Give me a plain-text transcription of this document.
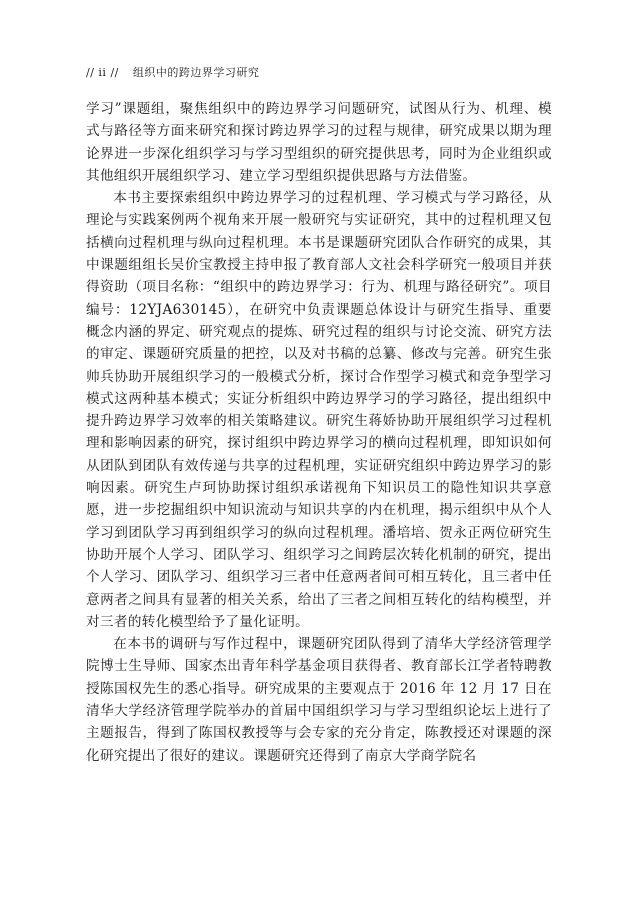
// ii // 组织中的跨边界学习研究

学习”课题组，聚焦组织中的跨边界学习问题研究，试图从行为、机理、模式与路径等方面来研究和探讨跨边界学习的过程与规律，研究成果以期为理论界进一步深化组织学习与学习型组织的研究提供思考，同时为企业组织或其他组织开展组织学习、建立学习型组织提供思路与方法借鉴。

本书主要探索组织中跨边界学习的过程机理、学习模式与学习路径，从理论与实践案例两个视角来开展一般研究与实证研究，其中的过程机理又包括横向过程机理与纵向过程机理。本书是课题研究团队合作研究的成果，其中课题组组长吴价宝教授主持申报了教育部人文社会科学研究一般项目并获得资助（项目名称：“组织中的跨边界学习：行为、机理与路径研究”。项目编号：12YJA630145），在研究中负责课题总体设计与研究生指导、重要概念内涵的界定、研究观点的提炼、研究过程的组织与讨论交流、研究方法的审定、课题研究质量的把控，以及对书稿的总纂、修改与完善。研究生张帅兵协助开展组织学习的一般模式分析，探讨合作型学习模式和竞争型学习模式这两种基本模式；实证分析组织中跨边界学习的学习路径，提出组织中提升跨边界学习效率的相关策略建议。研究生蒋娇协助开展组织学习过程机理和影响因素的研究，探讨组织中跨边界学习的横向过程机理，即知识如何从团队到团队有效传递与共享的过程机理，实证研究组织中跨边界学习的影响因素。研究生卢珂协助探讨组织承诺视角下知识员工的隐性知识共享意愿，进一步挖掘组织中知识流动与知识共享的内在机理，揭示组织中从个人学习到团队学习再到组织学习的纵向过程机理。潘培培、贺永正两位研究生协助开展个人学习、团队学习、组织学习之间跨层次转化机制的研究，提出个人学习、团队学习、组织学习三者中任意两者间可相互转化，且三者中任意两者之间具有显著的相关关系，给出了三者之间相互转化的结构模型，并对三者的转化模型给予了量化证明。

在本书的调研与写作过程中，课题研究团队得到了清华大学经济管理学院博士生导师、国家杰出青年科学基金项目获得者、教育部长江学者特聘教授陈国权先生的悉心指导。研究成果的主要观点于 2016 年 12 月 17 日在清华大学经济管理学院举办的首届中国组织学习与学习型组织论坛上进行了主题报告，得到了陈国权教授等与会专家的充分肯定，陈教授还对课题的深化研究提出了很好的建议。课题研究还得到了南京大学商学院名
